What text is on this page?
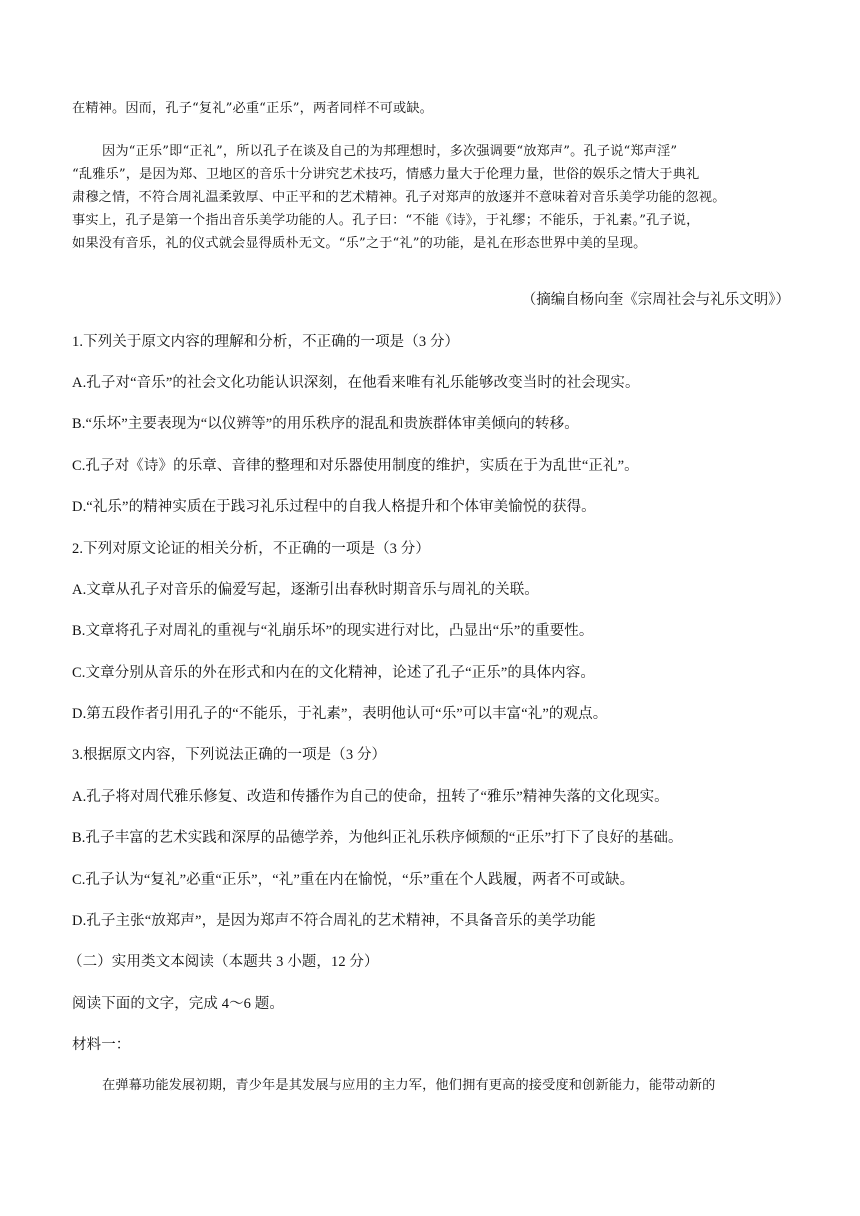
在精神。因而，孔子“复礼”必重“正乐”，两者同样不可或缺。
因为“正乐”即“正礼”，所以孔子在谈及自己的为邦理想时，多次强调要“放郑声”。孔子说“郑声淫”
“乱雅乐”，是因为郑、卫地区的音乐十分讲究艺术技巧，情感力量大于伦理力量，世俗的娱乐之情大于典礼
肃穆之情，不符合周礼温柔敦厚、中正平和的艺术精神。孔子对郑声的放逐并不意味着对音乐美学功能的忽视。
事实上，孔子是第一个指出音乐美学功能的人。孔子曰：“不能《诗》，于礼缪；不能乐，于礼素。”孔子说，
如果没有音乐，礼的仪式就会显得质朴无文。“乐”之于“礼”的功能，是礼在形态世界中美的呈现。
（摘编自杨向奎《宗周社会与礼乐文明》）
1.下列关于原文内容的理解和分析，不正确的一项是（3 分）
A.孔子对“音乐”的社会文化功能认识深刻，在他看来唯有礼乐能够改变当时的社会现实。
B.“乐坏”主要表现为“以仪辨等”的用乐秩序的混乱和贵族群体审美倾向的转移。
C.孔子对《诗》的乐章、音律的整理和对乐器使用制度的维护，实质在于为乱世“正礼”。
D.“礼乐”的精神实质在于践习礼乐过程中的自我人格提升和个体审美愉悦的获得。
2.下列对原文论证的相关分析，不正确的一项是（3 分）
A.文章从孔子对音乐的偏爱写起，逐渐引出春秋时期音乐与周礼的关联。
B.文章将孔子对周礼的重视与“礼崩乐坏”的现实进行对比，凸显出“乐”的重要性。
C.文章分别从音乐的外在形式和内在的文化精神，论述了孔子“正乐”的具体内容。
D.第五段作者引用孔子的“不能乐，于礼素”，表明他认可“乐”可以丰富“礼”的观点。
3.根据原文内容，下列说法正确的一项是（3 分）
A.孔子将对周代雅乐修复、改造和传播作为自己的使命，扭转了“雅乐”精神失落的文化现实。
B.孔子丰富的艺术实践和深厚的品德学养，为他纠正礼乐秩序倾颓的“正乐”打下了良好的基础。
C.孔子认为“复礼”必重“正乐”，“礼”重在内在愉悦，“乐”重在个人践履，两者不可或缺。
D.孔子主张“放郑声”，是因为郑声不符合周礼的艺术精神，不具备音乐的美学功能
（二）实用类文本阅读（本题共 3 小题，12 分）
阅读下面的文字，完成 4～6 题。
材料一：
在弹幕功能发展初期，青少年是其发展与应用的主力军，他们拥有更高的接受度和创新能力，能带动新的
